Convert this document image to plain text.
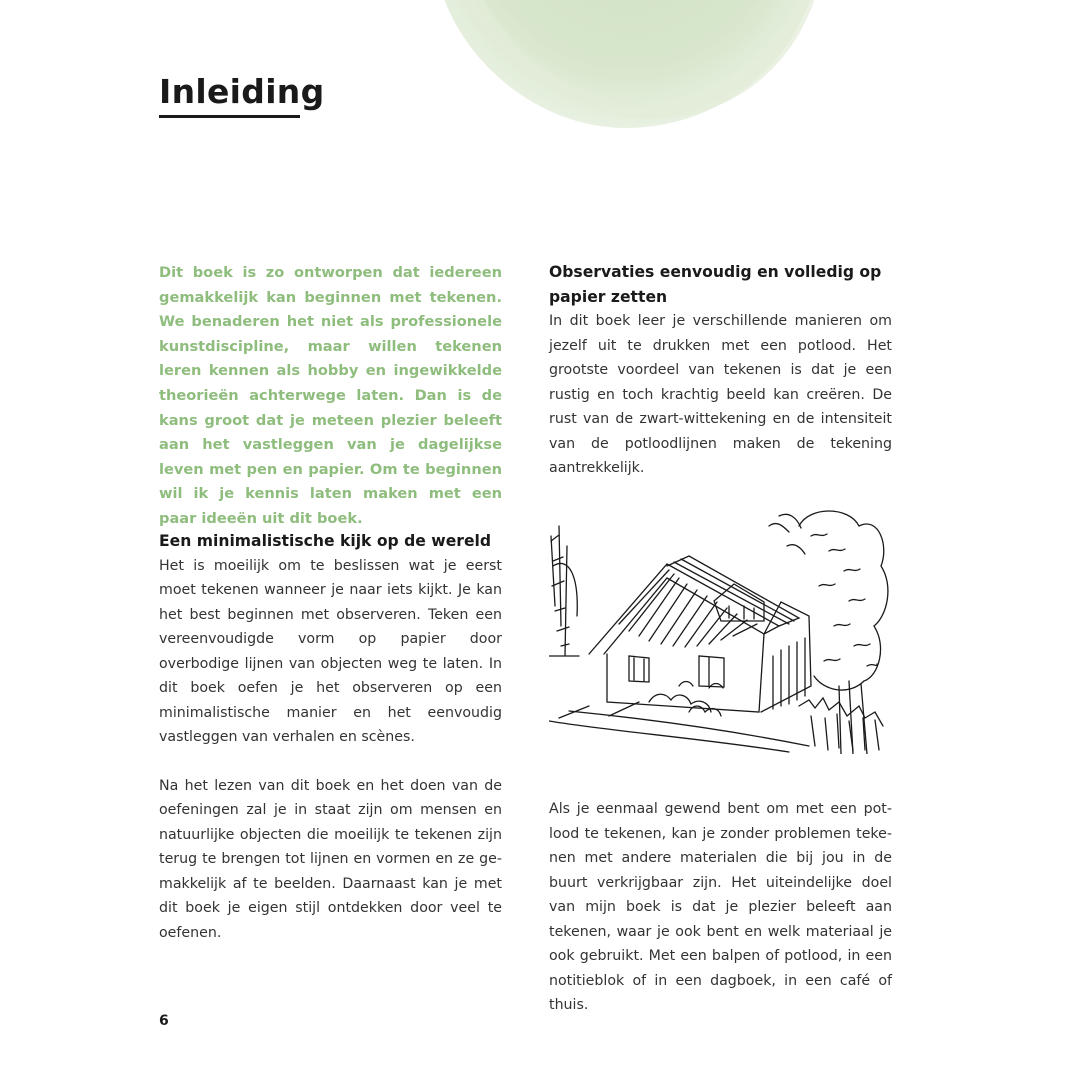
Inleiding

Dit boek is zo ontworpen dat iedereen gemakkelijk kan beginnen met tekenen. We benaderen het niet als professionele kunstdiscipline, maar willen tekenen leren kennen als hobby en ingewikkelde theorieën achterwege laten. Dan is de kans groot dat je meteen plezier beleeft aan het vastleggen van je dagelijkse leven met pen en papier. Om te beginnen wil ik je kennis laten maken met een paar ideeën uit dit boek.

Een minimalistische kijk op de wereld

Het is moeilijk om te beslissen wat je eerst moet tekenen wanneer je naar iets kijkt. Je kan het best beginnen met observeren. Teken een vereenvoudigde vorm op papier door overbodige lijnen van objecten weg te laten. In dit boek oefen je het observeren op een minimalistische manier en het eenvoudig vastleggen van verhalen en scènes.

Na het lezen van dit boek en het doen van de oefeningen zal je in staat zijn om mensen en natuurlijke objecten die moeilijk te tekenen zijn terug te brengen tot lijnen en vormen en ze gemakkelijk af te beelden. Daarnaast kan je met dit boek je eigen stijl ontdekken door veel te oefenen.

Observaties eenvoudig en volledig op papier zetten

In dit boek leer je verschillende manieren om jezelf uit te drukken met een potlood. Het grootste voordeel van tekenen is dat je een rustig en toch krachtig beeld kan creëren. De rust van de zwart-wittekening en de intensiteit van de potloodlijnen maken de tekening aantrekkelijk.

Als je eenmaal gewend bent om met een potlood te tekenen, kan je zonder problemen tekenen met andere materialen die bij jou in de buurt verkrijgbaar zijn. Het uiteindelijke doel van mijn boek is dat je plezier beleeft aan tekenen, waar je ook bent en welk materiaal je ook gebruikt. Met een balpen of potlood, in een notitieblok of in een dagboek, in een café of thuis.

6
